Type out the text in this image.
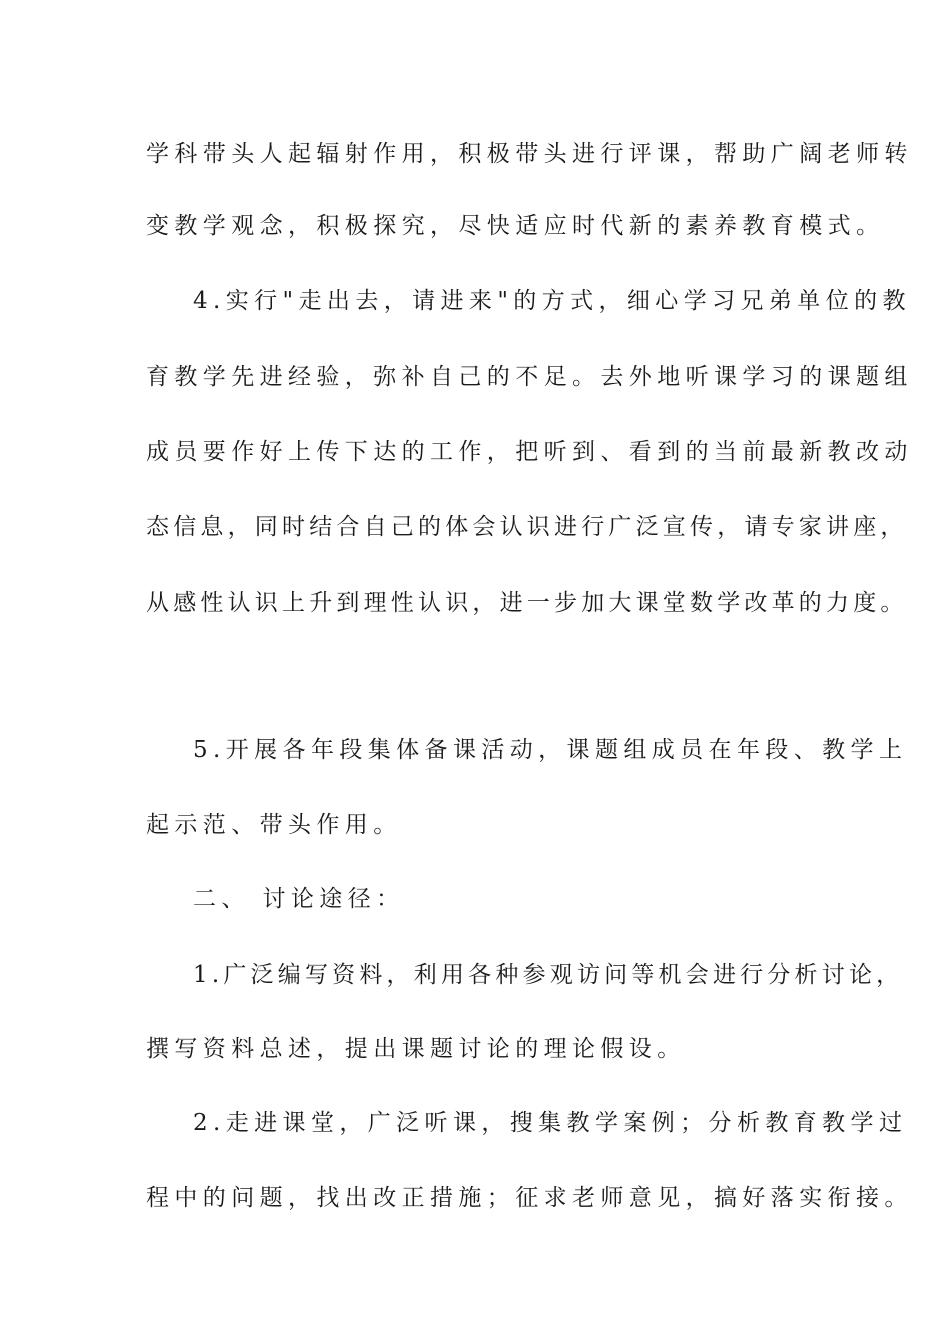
学科带头人起辐射作用，积极带头进行评课，帮助广阔老师转
变教学观念，积极探究，尽快适应时代新的素养教育模式。
4.实行"走出去，请进来"的方式，细心学习兄弟单位的教
育教学先进经验，弥补自己的不足。去外地听课学习的课题组
成员要作好上传下达的工作，把听到、看到的当前最新教改动
态信息，同时结合自己的体会认识进行广泛宣传，请专家讲座，
从感性认识上升到理性认识，进一步加大课堂数学改革的力度。
5.开展各年段集体备课活动，课题组成员在年段、教学上
起示范、带头作用。
二、 讨论途径：
1.广泛编写资料，利用各种参观访问等机会进行分析讨论，
撰写资料总述，提出课题讨论的理论假设。
2.走进课堂，广泛听课，搜集教学案例；分析教育教学过
程中的问题，找出改正措施；征求老师意见，搞好落实衔接。
